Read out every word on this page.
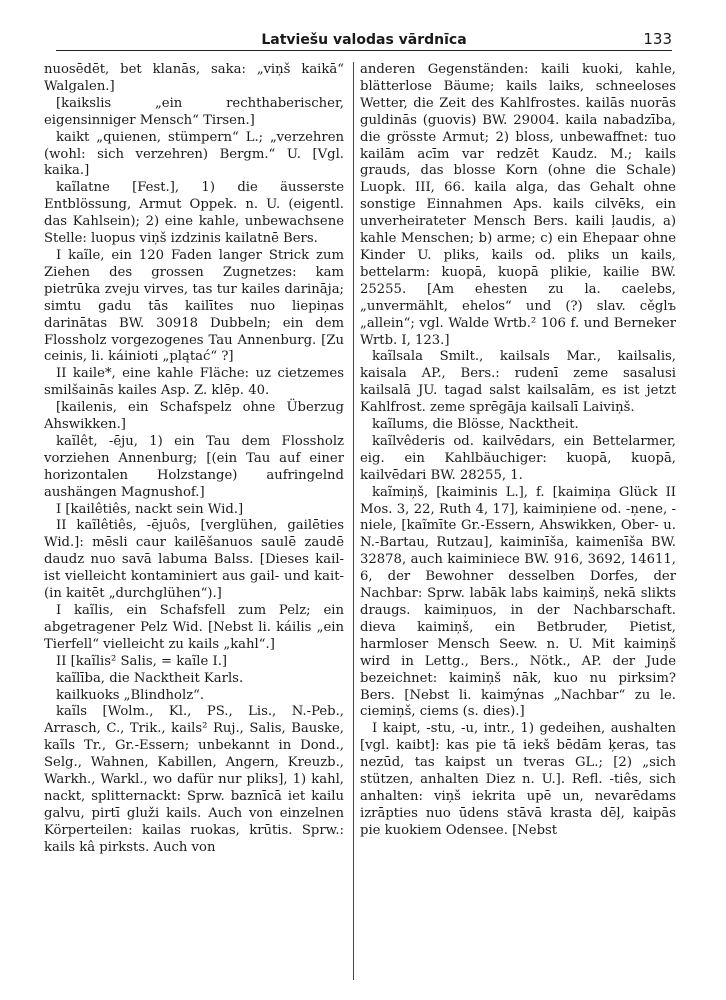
Latviešu valodas vārdnīca	133

nuosēdēt, bet klanās, saka: „viņš kaikā“ Walgalen.]

[kaikslis „ein rechthaberischer, eigensinniger Mensch“ Tirsen.]

kaikt „quienen, stümpern“ L.; „verzehren (wohl: sich verzehren) Bergm.“ U. [Vgl. kaika.]

kaĩlatne [Fest.], 1) die äusserste Entblössung, Armut Oppek. n. U. (eigentl. das Kahlsein); 2) eine kahle, unbewachsene Stelle: luopus viņš izdzinis kailatnē Bers.

I kaĩle, ein 120 Faden langer Strick zum Ziehen des grossen Zugnetzes: kam pietrūka zveju virves, tas tur kailes darināja; simtu gadu tās kailītes nuo liepiņas darinātas BW. 30918 Dubbeln; ein dem Flossholz vorgezogenes Tau Annenburg. [Zu ceinis, li. káinioti „plątać“ ?]

II kaile*, eine kahle Fläche: uz cietzemes smilšainās kailes Asp. Z. klēp. 40.

[kailenis, ein Schafspelz ohne Überzug Ahswikken.]

kaĩlêt, -ēju, 1) ein Tau dem Flossholz vorziehen Annenburg; [(ein Tau auf einer horizontalen Holzstange) aufringelnd aushängen Magnushof.]

I [kailêtiês, nackt sein Wid.]

II kaĩlêtiês, -ējuôs, [verglühen, gailēties Wid.]: mēsli caur kailēšanuos saulē zaudē daudz nuo savā labuma Balss. [Dieses kail- ist vielleicht kontaminiert aus gail- und kait- (in kaitēt „durchglühen“).]

I kaĩlis, ein Schafsfell zum Pelz; ein abgetragener Pelz Wid. [Nebst li. káilis „ein Tierfell“ vielleicht zu kails „kahl“.]

II [kaĩlis² Salis, = kaĩle I.]

kaĩlība, die Nacktheit Karls.

kailkuoks „Blindholz“.

kaĩls [Wolm., Kl., PS., Lis., N.-Peb., Arrasch, C., Trik., kails² Ruj., Salis, Bauske, kaĩls Tr., Gr.-Essern; unbekannt in Dond., Selg., Wahnen, Kabillen, Angern, Kreuzb., Warkh., Warkl., wo dafür nur pliks], 1) kahl, nackt, splitternackt: Sprw. baznīcā iet kailu galvu, pirtī gluži kails. Auch von einzelnen Körperteilen: kailas ruokas, krūtis. Sprw.: kails kâ pirksts. Auch von

anderen Gegenständen: kaili kuoki, kahle, blätterlose Bäume; kails laiks, schneeloses Wetter, die Zeit des Kahlfrostes. kailās nuorās guldinās (guovis) BW. 29004. kaila nabadzība, die grösste Armut; 2) bloss, unbewaffnet: tuo kailām acīm var redzēt Kaudz. M.; kails grauds, das blosse Korn (ohne die Schale) Luopk. III, 66. kaila alga, das Gehalt ohne sonstige Einnahmen Aps. kails cilvēks, ein unverheirateter Mensch Bers. kaili ļaudis, a) kahle Menschen; b) arme; c) ein Ehepaar ohne Kinder U. pliks, kails od. pliks un kails, bettelarm: kuopā, kuopā plikie, kailie BW. 25255. [Am ehesten zu la. caelebs, „unvermählt, ehelos“ und (?) slav. cěglъ „allein“; vgl. Walde Wrtb.² 106 f. und Berneker Wrtb. I, 123.]

kaĩlsala Smilt., kailsals Mar., kailsalis, kaisala AP., Bers.: rudenī zeme sasalusi kailsalā JU. tagad salst kailsalām, es ist jetzt Kahlfrost. zeme sprēgāja kailsalī Laiviņš.

kaĩlums, die Blösse, Nacktheit.

kaĩlvêderis od. kailvēdars, ein Bettelarmer, eig. ein Kahlbäuchiger: kuopā, kuopā, kailvēdari BW. 28255, 1.

kaĩmiņš, [kaiminis L.], f. [kaimiņa Glück II Mos. 3, 22, Ruth 4, 17], kaimiņiene od. -ņene, -niele, [kaĩmīte Gr.-Essern, Ahswikken, Ober- u. N.-Bartau, Rutzau], kaiminīša, kaimenīša BW. 32878, auch kaiminiece BW. 916, 3692, 14611, 6, der Bewohner desselben Dorfes, der Nachbar: Sprw. labāk labs kaimiņš, nekā slikts draugs. kaimiņuos, in der Nachbarschaft. dieva kaimiņš, ein Betbruder, Pietist, harmloser Mensch Seew. n. U. Mit kaimiņš wird in Lettg., Bers., Nötk., AP. der Jude bezeichnet: kaimiņš nāk, kuo nu pirksim? Bers. [Nebst li. kaimýnas „Nachbar“ zu le. ciemiņš, ciems (s. dies).]

I kaipt, -stu, -u, intr., 1) gedeihen, aushalten [vgl. kaibt]: kas pie tā iekš bēdām ķeras, tas nezūd, tas kaipst un tveras GL.; [2) „sich stützen, anhalten Diez n. U.]. Refl. -tiês, sich anhalten: viņš iekrita upē un, nevarēdams izrāpties nuo ūdens stāvā krasta dēļ, kaipās pie kuokiem Odensee. [Nebst
